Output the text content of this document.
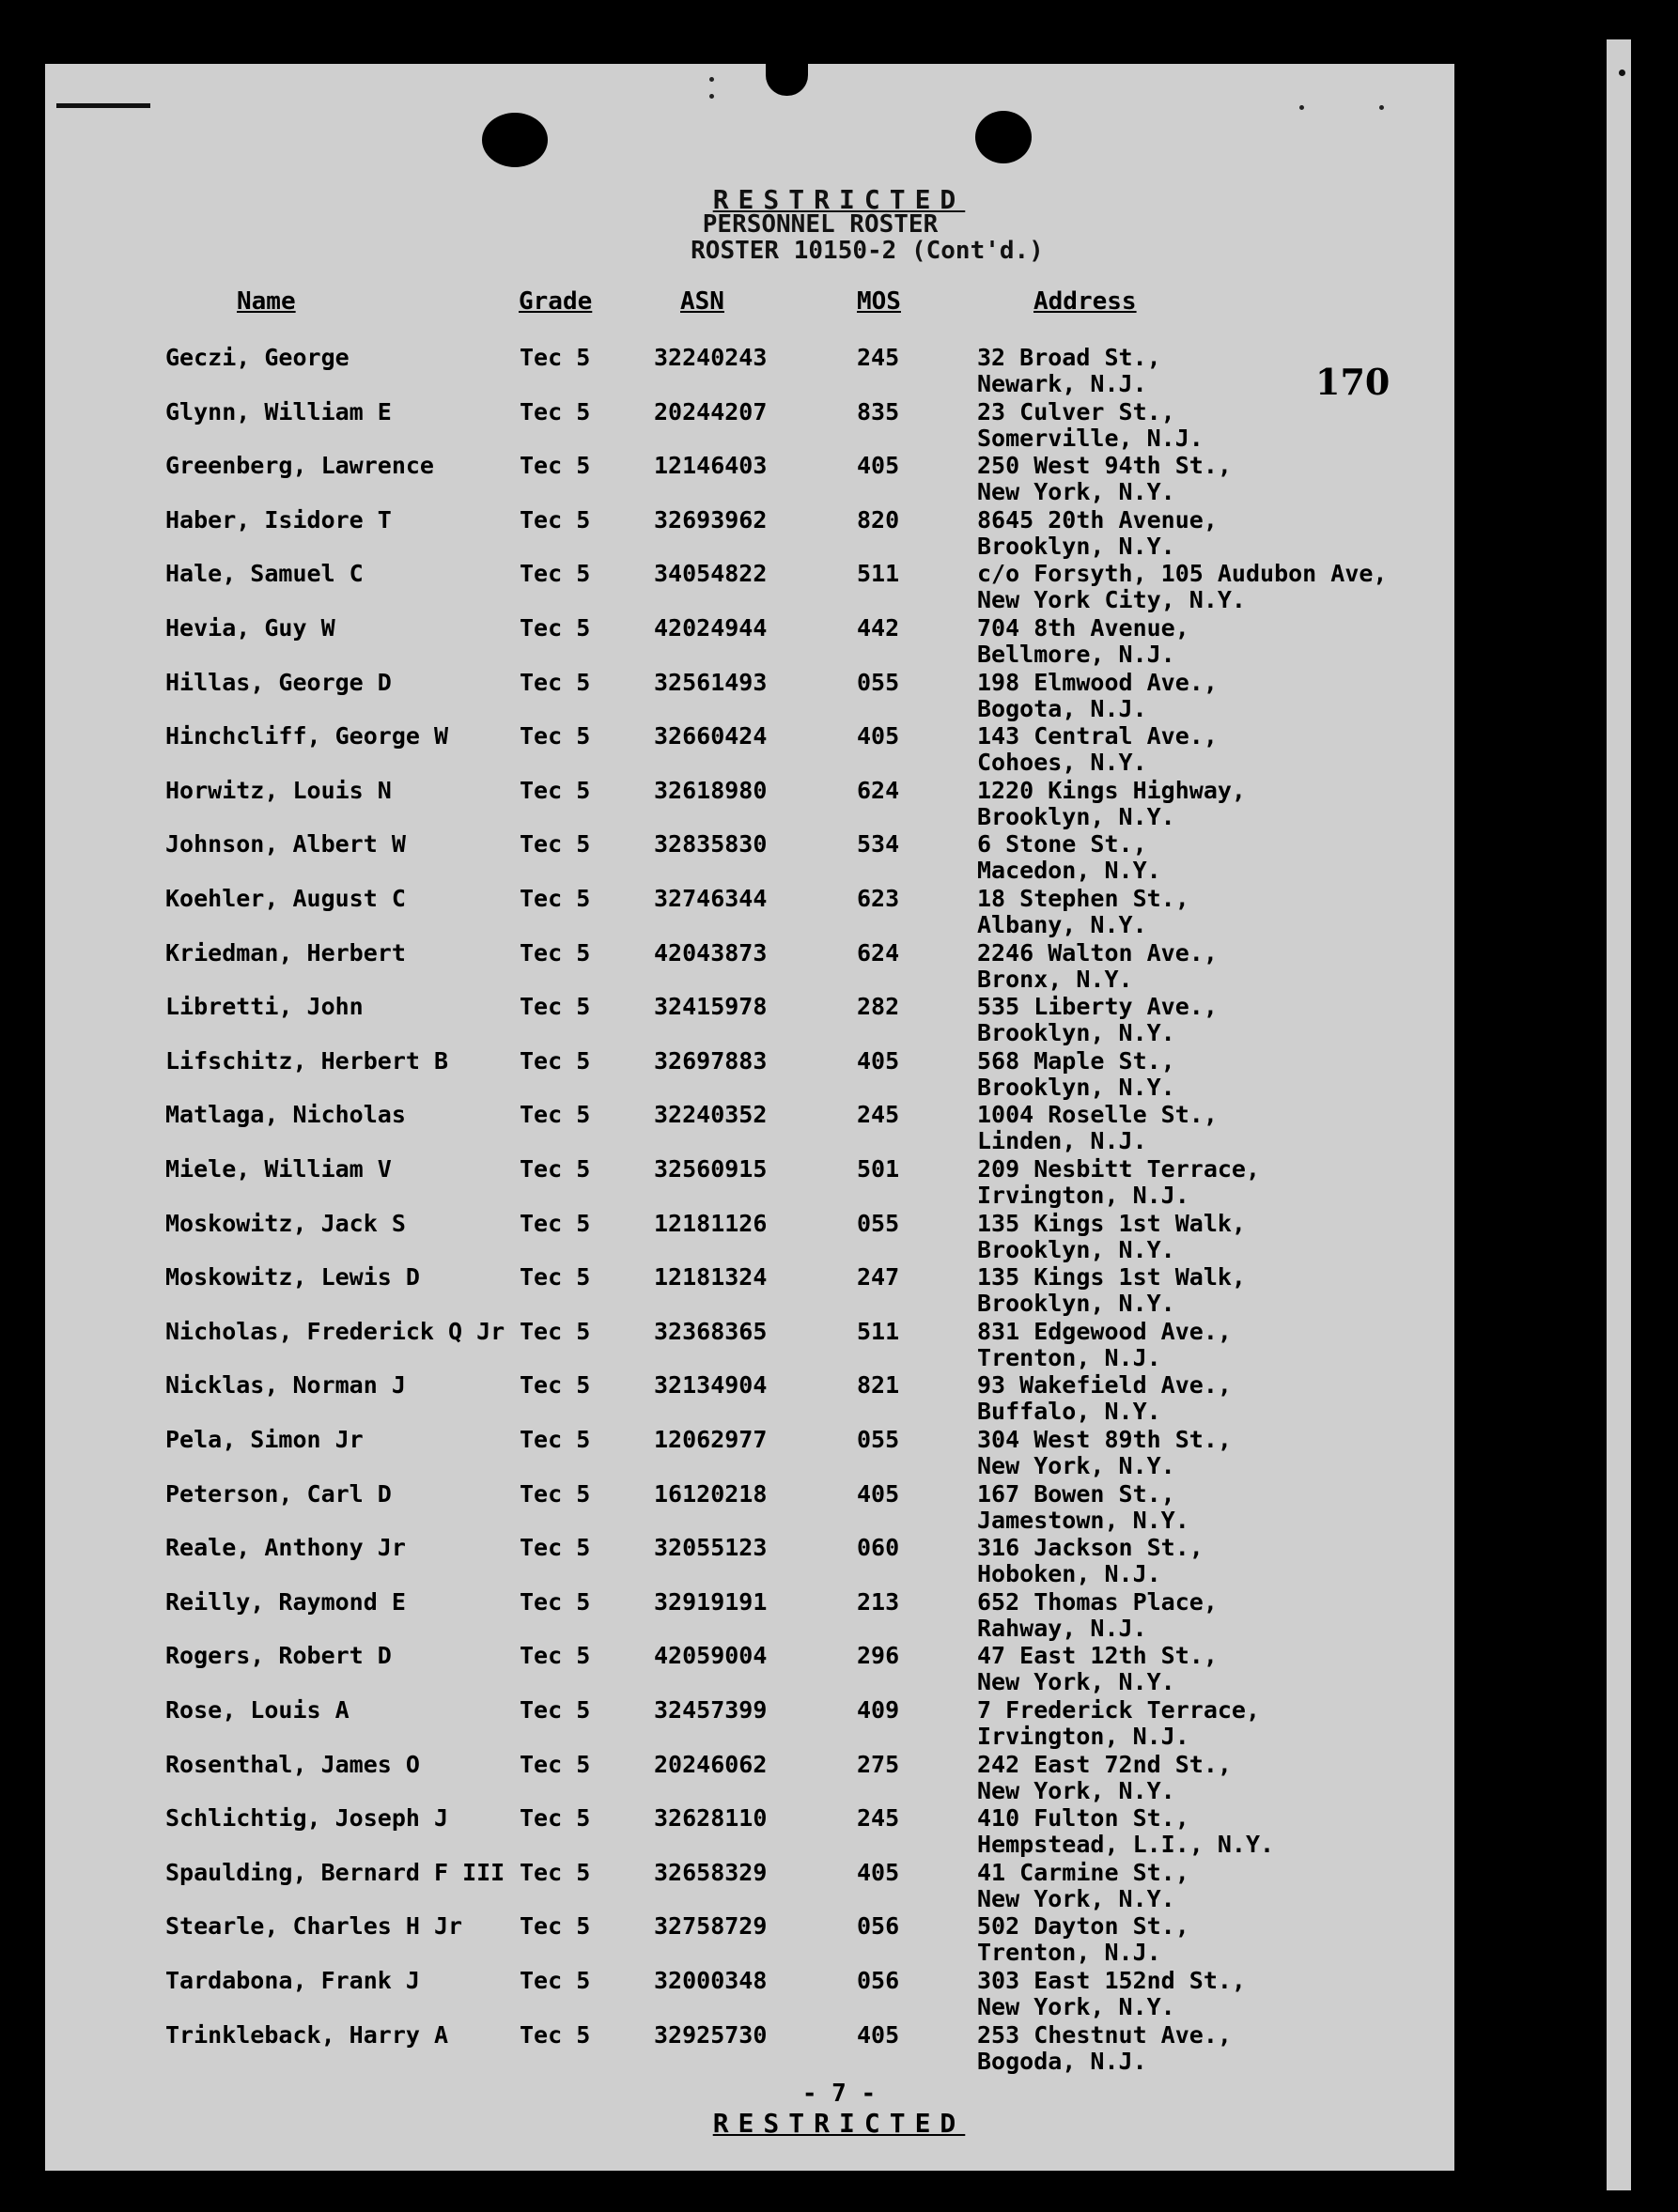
RESTRICTED
PERSONNEL ROSTER
ROSTER 10150-2 (Cont'd.)
Name	Grade	ASN	MOS	Address
170
Geczi, George	Tec 5	32240243	245	32 Broad St.,
Newark, N.J.
Glynn, William E	Tec 5	20244207	835	23 Culver St.,
Somerville, N.J.
Greenberg, Lawrence	Tec 5	12146403	405	250 West 94th St.,
New York, N.Y.
Haber, Isidore T	Tec 5	32693962	820	8645 20th Avenue,
Brooklyn, N.Y.
Hale, Samuel C	Tec 5	34054822	511	c/o Forsyth, 105 Audubon Ave,
New York City, N.Y.
Hevia, Guy W	Tec 5	42024944	442	704 8th Avenue,
Bellmore, N.J.
Hillas, George D	Tec 5	32561493	055	198 Elmwood Ave.,
Bogota, N.J.
Hinchcliff, George W	Tec 5	32660424	405	143 Central Ave.,
Cohoes, N.Y.
Horwitz, Louis N	Tec 5	32618980	624	1220 Kings Highway,
Brooklyn, N.Y.
Johnson, Albert W	Tec 5	32835830	534	6 Stone St.,
Macedon, N.Y.
Koehler, August C	Tec 5	32746344	623	18 Stephen St.,
Albany, N.Y.
Kriedman, Herbert	Tec 5	42043873	624	2246 Walton Ave.,
Bronx, N.Y.
Libretti, John	Tec 5	32415978	282	535 Liberty Ave.,
Brooklyn, N.Y.
Lifschitz, Herbert B	Tec 5	32697883	405	568 Maple St.,
Brooklyn, N.Y.
Matlaga, Nicholas	Tec 5	32240352	245	1004 Roselle St.,
Linden, N.J.
Miele, William V	Tec 5	32560915	501	209 Nesbitt Terrace,
Irvington, N.J.
Moskowitz, Jack S	Tec 5	12181126	055	135 Kings 1st Walk,
Brooklyn, N.Y.
Moskowitz, Lewis D	Tec 5	12181324	247	135 Kings 1st Walk,
Brooklyn, N.Y.
Nicholas, Frederick Q Jr Tec 5	32368365	511	831 Edgewood Ave.,
Trenton, N.J.
Nicklas, Norman J	Tec 5	32134904	821	93 Wakefield Ave.,
Buffalo, N.Y.
Pela, Simon Jr	Tec 5	12062977	055	304 West 89th St.,
New York, N.Y.
Peterson, Carl D	Tec 5	16120218	405	167 Bowen St.,
Jamestown, N.Y.
Reale, Anthony Jr	Tec 5	32055123	060	316 Jackson St.,
Hoboken, N.J.
Reilly, Raymond E	Tec 5	32919191	213	652 Thomas Place,
Rahway, N.J.
Rogers, Robert D	Tec 5	42059004	296	47 East 12th St.,
New York, N.Y.
Rose, Louis A	Tec 5	32457399	409	7 Frederick Terrace,
Irvington, N.J.
Rosenthal, James O	Tec 5	20246062	275	242 East 72nd St.,
New York, N.Y.
Schlichtig, Joseph J	Tec 5	32628110	245	410 Fulton St.,
Hempstead, L.I., N.Y.
Spaulding, Bernard F III Tec 5	32658329	405	41 Carmine St.,
New York, N.Y.
Stearle, Charles H Jr Tec 5	32758729	056	502 Dayton St.,
Trenton, N.J.
Tardabona, Frank J	Tec 5	32000348	056	303 East 152nd St.,
New York, N.Y.
Trinkleback, Harry A	Tec 5	32925730	405	253 Chestnut Ave.,
Bogoda, N.J.
- 7 -
RESTRICTED
